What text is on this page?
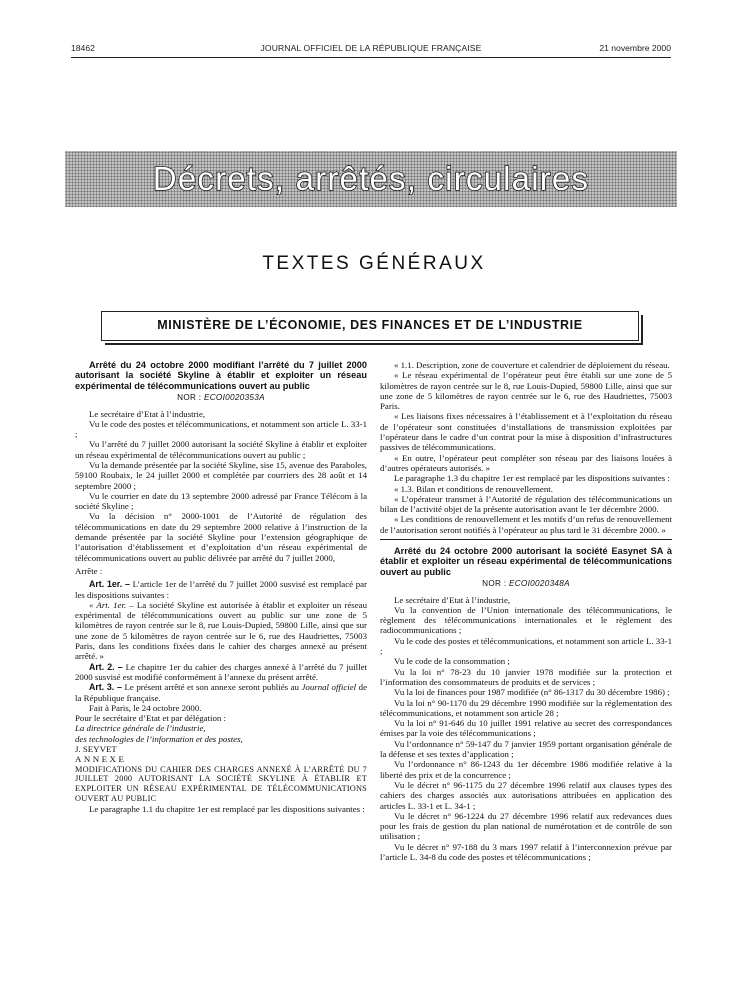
18462	JOURNAL OFFICIEL DE LA RÉPUBLIQUE FRANÇAISE	21 novembre 2000
Décrets, arrêtés, circulaires
TEXTES GÉNÉRAUX
MINISTÈRE DE L’ÉCONOMIE, DES FINANCES ET DE L’INDUSTRIE

Arrêté du 24 octobre 2000 modifiant l’arrêté du 7 juillet 2000 autorisant la société Skyline à établir et exploiter un réseau expérimental de télécommunications ouvert au public

NOR : ECOI0020353A

Le secrétaire d’Etat à l’industrie,

Vu le code des postes et télécommunications, et notamment son article L. 33-1 ;

Vu l’arrêté du 7 juillet 2000 autorisant la société Skyline à établir et exploiter un réseau expérimental de télécommunications ouvert au public ;

Vu la demande présentée par la société Skyline, sise 15, avenue des Paraboles, 59100 Roubaix, le 24 juillet 2000 et complétée par courriers des 28 août et 14 septembre 2000 ;

Vu le courrier en date du 13 septembre 2000 adressé par France Télécom à la société Skyline ;

Vu la décision n° 2000-1001 de l’Autorité de régulation des télécommunications en date du 29 septembre 2000 relative à l’instruction de la demande présentée par la société Skyline pour l’extension géographique de l’autorisation d’établissement et d’exploitation d’un réseau expérimental de télécommunications ouvert au public délivrée par arrêté du 7 juillet 2000,

Arrête :

Art. 1er. – L’article 1er de l’arrêté du 7 juillet 2000 susvisé est remplacé par les dispositions suivantes :

« Art. 1er. – La société Skyline est autorisée à établir et exploiter un réseau expérimental de télécommunications ouvert au public sur une zone de 5 kilomètres de rayon centrée sur le 8, rue Louis-Dupied, 59800 Lille, ainsi que sur une zone de 5 kilomètres de rayon centrée sur le 6, rue des Haudriettes, 75003 Paris, dans les conditions fixées dans le cahier des charges annexé au présent arrêté. »

Art. 2. – Le chapitre 1er du cahier des charges annexé à l’arrêté du 7 juillet 2000 susvisé est modifié conformément à l’annexe du présent arrêté.

Art. 3. – Le présent arrêté et son annexe seront publiés au Journal officiel de la République française.

Fait à Paris, le 24 octobre 2000.

Pour le secrétaire d’Etat et par délégation :

La directrice générale de l’industrie,

des technologies de l’information et des postes,

J. SEYVET

ANNEXE

MODIFICATIONS DU CAHIER DES CHARGES ANNEXÉ À L’ARRÊTÉ DU 7 JUILLET 2000 AUTORISANT LA SOCIÉTÉ SKYLINE À ÉTABLIR ET EXPLOITER UN RÉSEAU EXPÉRIMENTAL DE TÉLÉCOMMUNICATIONS OUVERT AU PUBLIC

Le paragraphe 1.1 du chapitre 1er est remplacé par les dispositions suivantes :

« 1.1. Description, zone de couverture et calendrier de déploiement du réseau.

« Le réseau expérimental de l’opérateur peut être établi sur une zone de 5 kilomètres de rayon centrée sur le 8, rue Louis-Dupied, 59800 Lille, ainsi que sur une zone de 5 kilomètres de rayon centrée sur le 6, rue des Haudriettes, 75003 Paris.

« Les liaisons fixes nécessaires à l’établissement et à l’exploitation du réseau de l’opérateur sont constituées d’installations de transmission exploitées par l’opérateur dans le cadre d’un contrat pour la mise à disposition d’infrastructures passives de télécommunications.

« En outre, l’opérateur peut compléter son réseau par des liaisons louées à d’autres opérateurs autorisés. »

Le paragraphe 1.3 du chapitre 1er est remplacé par les dispositions suivantes :

« 1.3. Bilan et conditions de renouvellement.

« L’opérateur transmet à l’Autorité de régulation des télécommunications un bilan de l’activité objet de la présente autorisation avant le 1er décembre 2000.

« Les conditions de renouvellement et les motifs d’un refus de renouvellement de l’autorisation seront notifiés à l’opérateur au plus tard le 31 décembre 2000. »

Arrêté du 24 octobre 2000 autorisant la société Easynet SA à établir et exploiter un réseau expérimental de télécommunications ouvert au public

NOR : ECOI0020348A

Le secrétaire d’Etat à l’industrie,

Vu la convention de l’Union internationale des télécommunications, le règlement des télécommunications internationales et le règlement des radiocommunications ;

Vu le code des postes et télécommunications, et notamment son article L. 33-1 ;

Vu le code de la consommation ;

Vu la loi n° 78-23 du 10 janvier 1978 modifiée sur la protection et l’information des consommateurs de produits et de services ;

Vu la loi de finances pour 1987 modifiée (n° 86-1317 du 30 décembre 1986) ;

Vu la loi n° 90-1170 du 29 décembre 1990 modifiée sur la réglementation des télécommunications, et notamment son article 28 ;

Vu la loi n° 91-646 du 10 juillet 1991 relative au secret des correspondances émises par la voie des télécommunications ;

Vu l’ordonnance n° 59-147 du 7 janvier 1959 portant organisation générale de la défense et ses textes d’application ;

Vu l’ordonnance n° 86-1243 du 1er décembre 1986 modifiée relative à la liberté des prix et de la concurrence ;

Vu le décret n° 96-1175 du 27 décembre 1996 relatif aux clauses types des cahiers des charges associés aux autorisations attribuées en application des articles L. 33-1 et L. 34-1 ;

Vu le décret n° 96-1224 du 27 décembre 1996 relatif aux redevances dues pour les frais de gestion du plan national de numérotation et de contrôle de son utilisation ;

Vu le décret n° 97-188 du 3 mars 1997 relatif à l’interconnexion prévue par l’article L. 34-8 du code des postes et télécommunications ;
